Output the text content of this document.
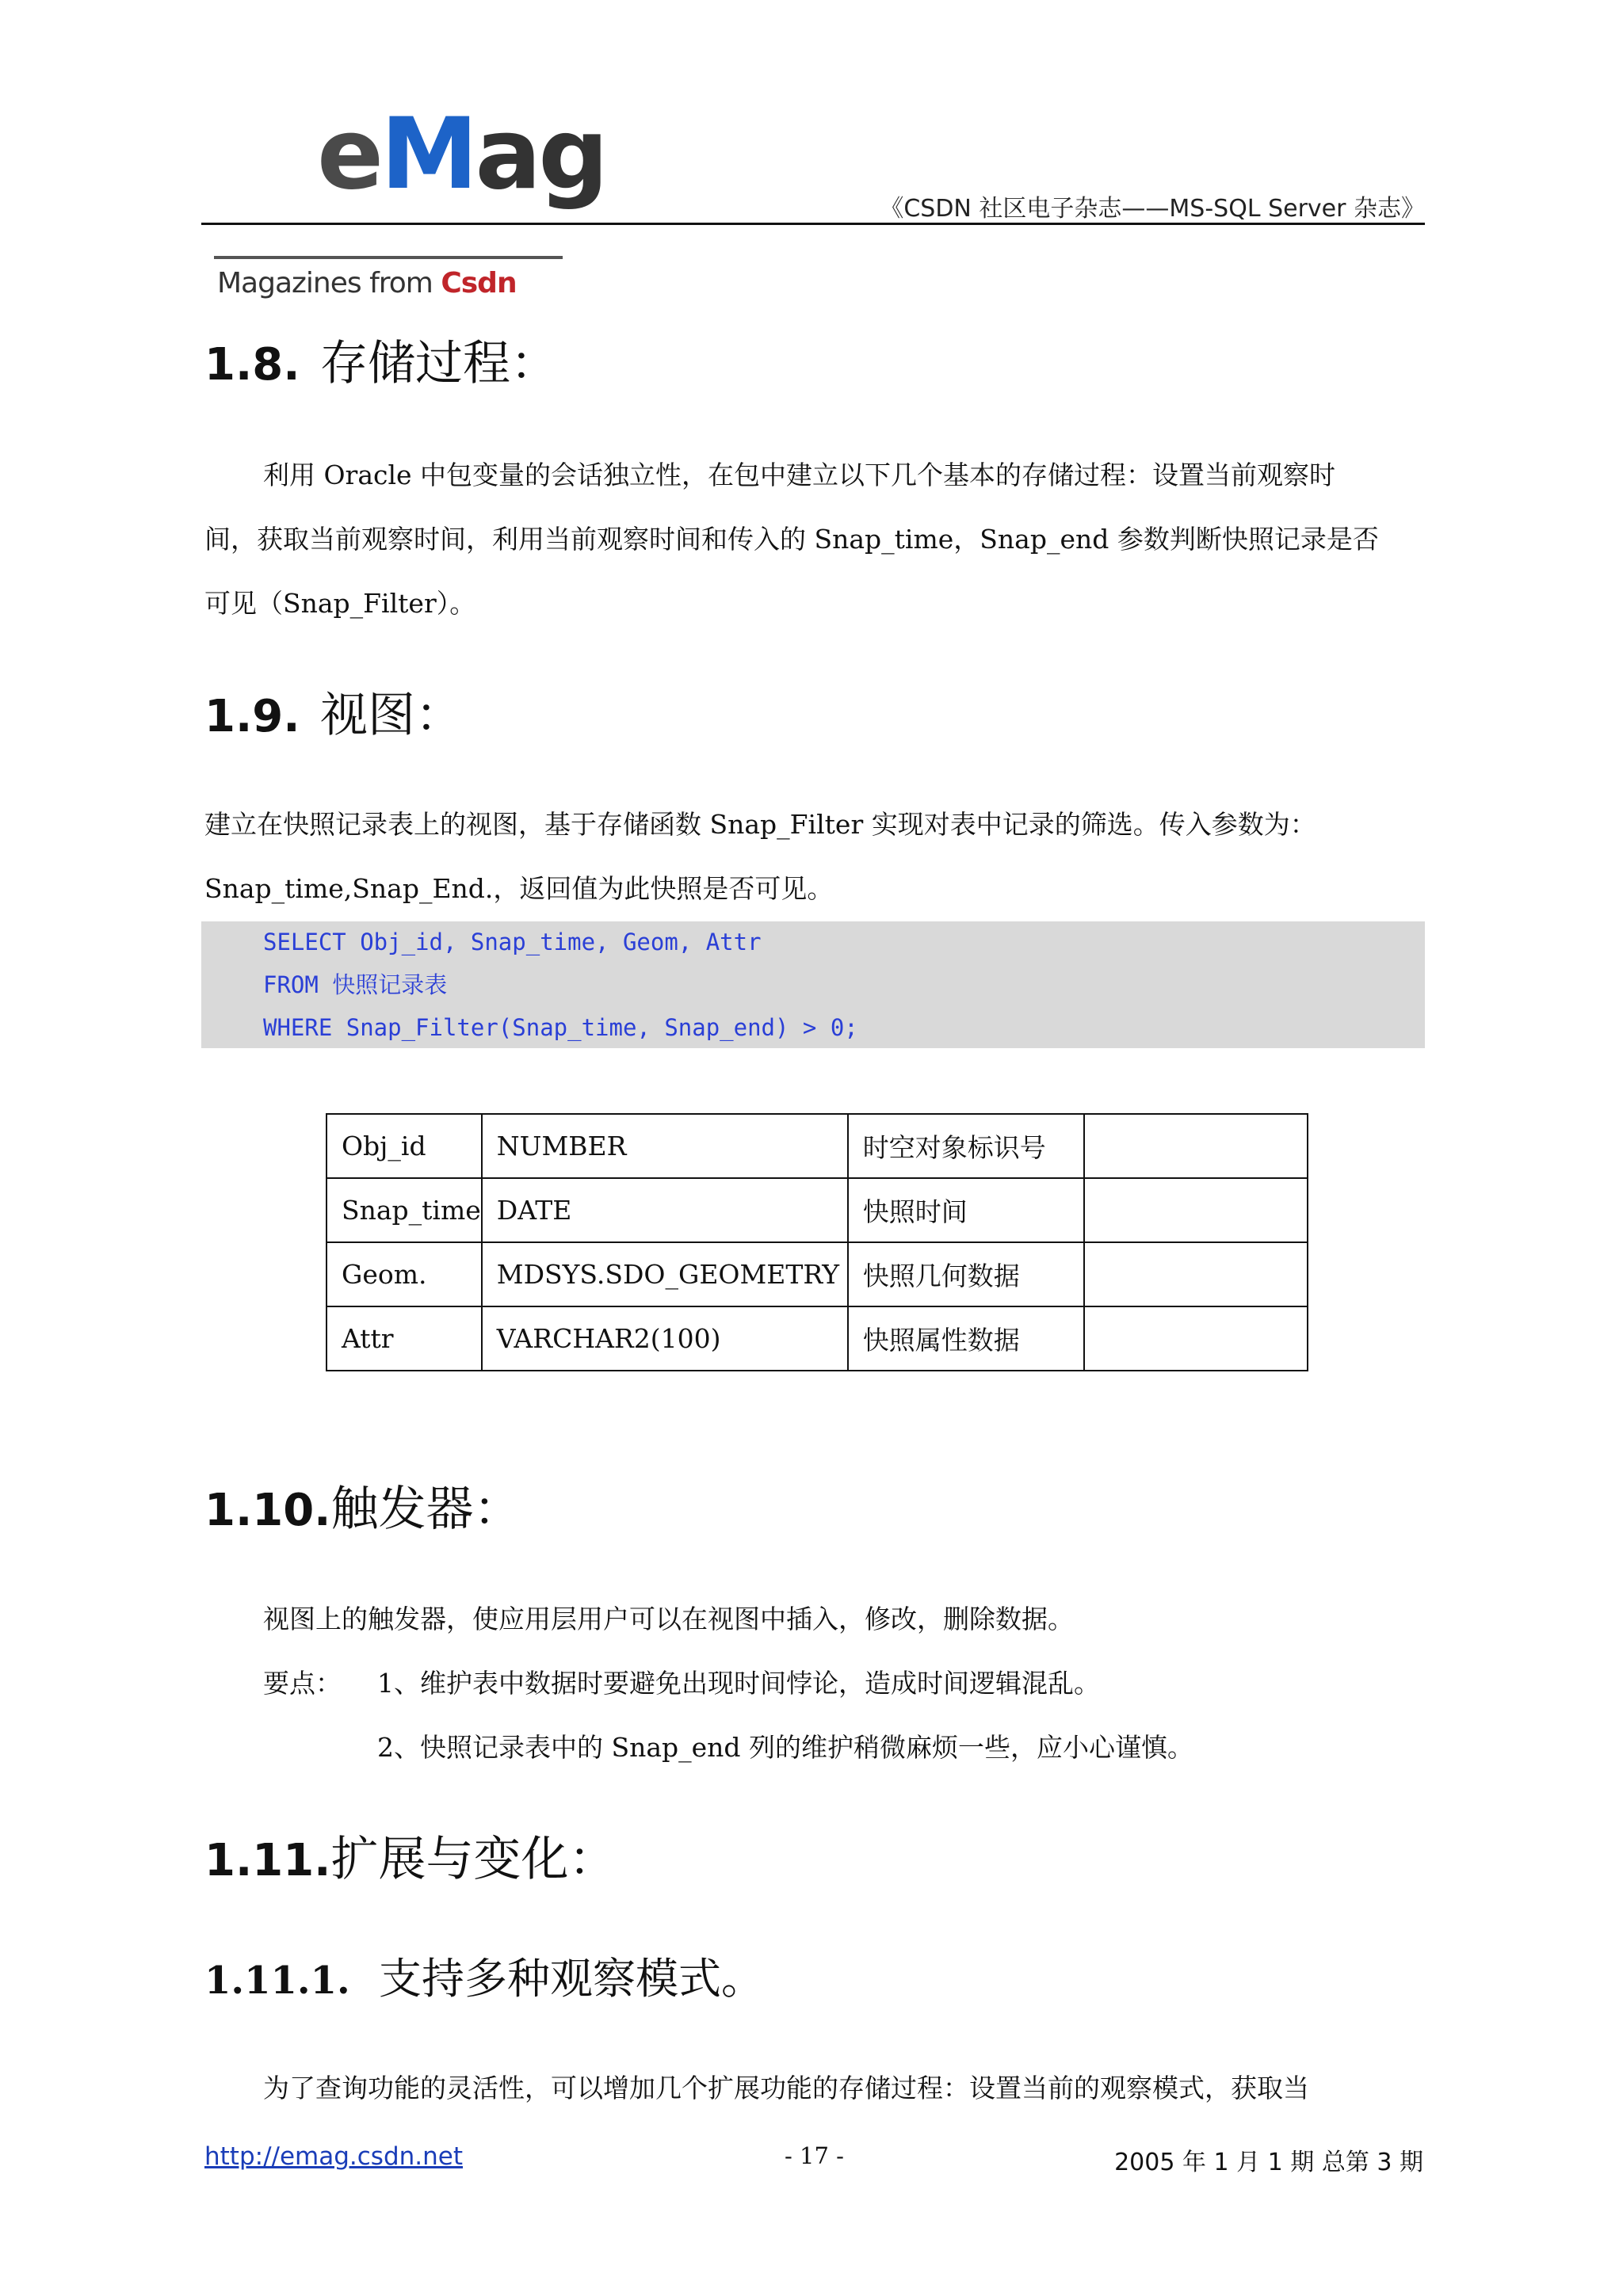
eMag
Magazines from Csdn
《CSDN 社区电子杂志——MS-SQL Server 杂志》
1.8. 存储过程：
利用 Oracle 中包变量的会话独立性，在包中建立以下几个基本的存储过程：设置当前观察时
间，获取当前观察时间，利用当前观察时间和传入的 Snap_time，Snap_end 参数判断快照记录是否
可见（Snap_Filter）。
1.9. 视图：
建立在快照记录表上的视图，基于存储函数 Snap_Filter 实现对表中记录的筛选。传入参数为：
Snap_time,Snap_End.，返回值为此快照是否可见。
SELECT Obj_id, Snap_time, Geom, Attr
FROM 快照记录表
WHERE Snap_Filter(Snap_time, Snap_end) > 0;
Obj_id	NUMBER	时空对象标识号	
Snap_time	DATE	快照时间	
Geom.	MDSYS.SDO_GEOMETRY	快照几何数据	
Attr	VARCHAR2(100)	快照属性数据	
1.10.触发器：
视图上的触发器，使应用层用户可以在视图中插入，修改，删除数据。
要点： 1、维护表中数据时要避免出现时间悖论，造成时间逻辑混乱。
2、快照记录表中的 Snap_end 列的维护稍微麻烦一些，应小心谨慎。
1.11.扩展与变化：
1.11.1. 支持多种观察模式。
为了查询功能的灵活性，可以增加几个扩展功能的存储过程：设置当前的观察模式，获取当
http://emag.csdn.net	- 17 -	2005 年 1 月 1 期 总第 3 期
